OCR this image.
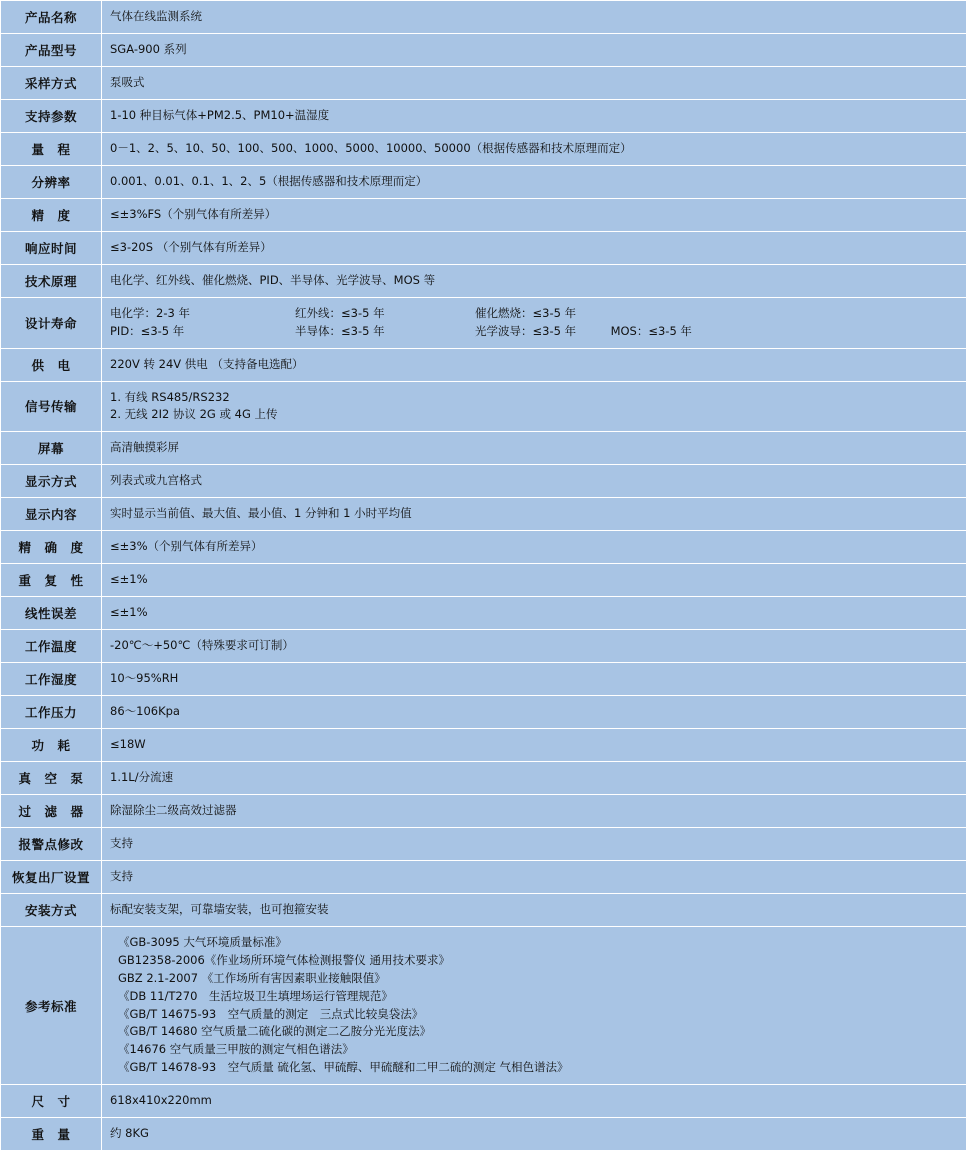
产品名称	气体在线监测系统

产品型号	SGA-900 系列

采样方式	泵吸式

支持参数	1-10 种目标气体+PM2.5、PM10+温湿度

量　程	0－1、2、5、10、50、100、500、1000、5000、10000、50000（根据传感器和技术原理而定）

分辨率	0.001、0.01、0.1、1、2、5（根据传感器和技术原理而定）

精　度	≤±3%FS（个别气体有所差异）

响应时间	≤3-20S （个别气体有所差异）

技术原理	电化学、红外线、催化燃烧、PID、半导体、光学波导、MOS 等

设计寿命	电化学：2-3 年 红外线：≤3-5 年 催化燃烧：≤3-5 年
PID：≤3-5 年 半导体：≤3-5 年 光学波导：≤3-5 年　　　MOS：≤3-5 年

供　电	220V 转 24V 供电 （支持备电选配）

信号传输	1. 有线 RS485/RS232
2. 无线 2I2 协议 2G 或 4G 上传

屏幕	高清触摸彩屏

显示方式	列表式或九宫格式

显示内容	实时显示当前值、最大值、最小值、1 分钟和 1 小时平均值

精　确　度	≤±3%（个别气体有所差异）

重　复　性	≤±1%

线性误差	≤±1%

工作温度	-20℃～+50℃（特殊要求可订制）

工作湿度	10～95%RH

工作压力	86～106Kpa

功　耗	≤18W

真　空　泵	1.1L/分流速

过　滤　器	除湿除尘二级高效过滤器

报警点修改	支持

恢复出厂设置	支持

安装方式	标配安装支架，可靠墙安装，也可抱箍安装

参考标准	
《GB-3095 大气环境质量标准》
GB12358-2006《作业场所环境气体检测报警仪 通用技术要求》
GBZ 2.1-2007 《工作场所有害因素职业接触限值》
《DB 11/T270　生活垃圾卫生填埋场运行管理规范》
《GB/T 14675-93　空气质量的测定　三点式比较臭袋法》
《GB/T 14680 空气质量二硫化碳的测定二乙胺分光光度法》
《14676 空气质量三甲胺的测定气相色谱法》
《GB/T 14678-93　空气质量 硫化氢、甲硫醇、甲硫醚和二甲二硫的测定 气相色谱法》

尺　寸	618x410x220mm

重　量	约 8KG
